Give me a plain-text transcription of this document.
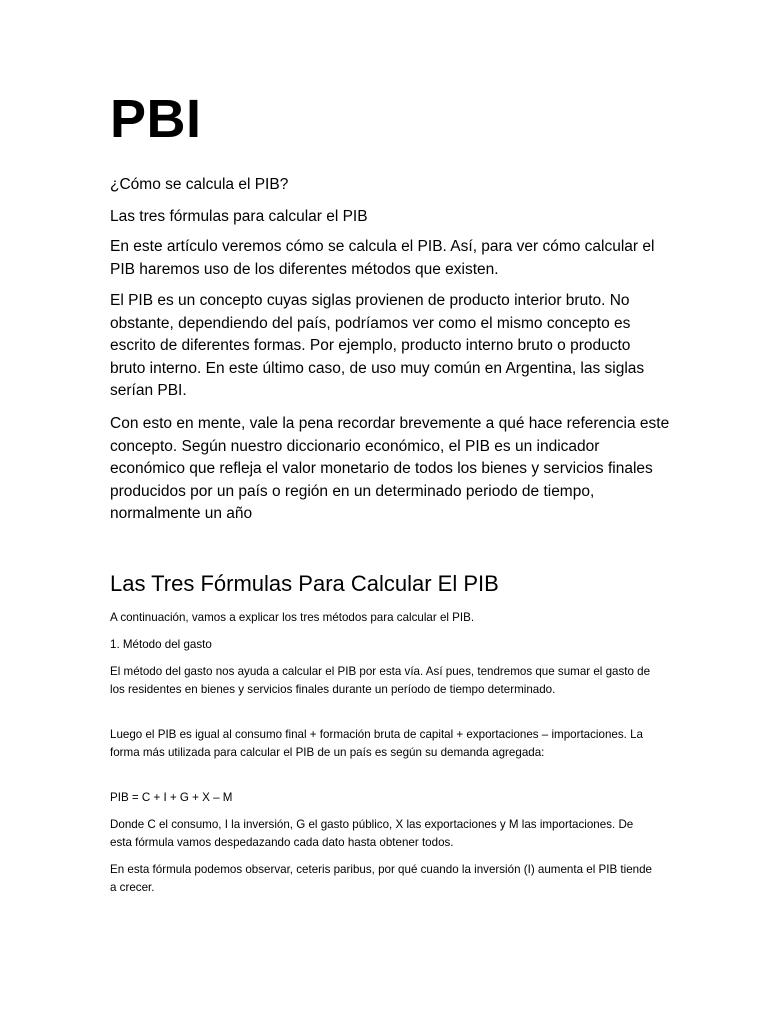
PBI

¿Cómo se calcula el PIB?

Las tres fórmulas para calcular el PIB

En este artículo veremos cómo se calcula el PIB. Así, para ver cómo calcular el PIB haremos uso de los diferentes métodos que existen.

El PIB es un concepto cuyas siglas provienen de producto interior bruto. No obstante, dependiendo del país, podríamos ver como el mismo concepto es escrito de diferentes formas. Por ejemplo, producto interno bruto o producto bruto interno. En este último caso, de uso muy común en Argentina, las siglas serían PBI.

Con esto en mente, vale la pena recordar brevemente a qué hace referencia este concepto. Según nuestro diccionario económico, el PIB es un indicador económico que refleja el valor monetario de todos los bienes y servicios finales producidos por un país o región en un determinado periodo de tiempo, normalmente un año

Las Tres Fórmulas Para Calcular El PIB

A continuación, vamos a explicar los tres métodos para calcular el PIB.

1. Método del gasto

El método del gasto nos ayuda a calcular el PIB por esta vía. Así pues, tendremos que sumar el gasto de los residentes en bienes y servicios finales durante un período de tiempo determinado.

Luego el PIB es igual al consumo final + formación bruta de capital + exportaciones – importaciones. La forma más utilizada para calcular el PIB de un país es según su demanda agregada:

PIB = C + I + G + X – M

Donde C el consumo, I la inversión, G el gasto público, X las exportaciones y M las importaciones. De esta fórmula vamos despedazando cada dato hasta obtener todos.

En esta fórmula podemos observar, ceteris paribus, por qué cuando la inversión (I) aumenta el PIB tiende a crecer.
